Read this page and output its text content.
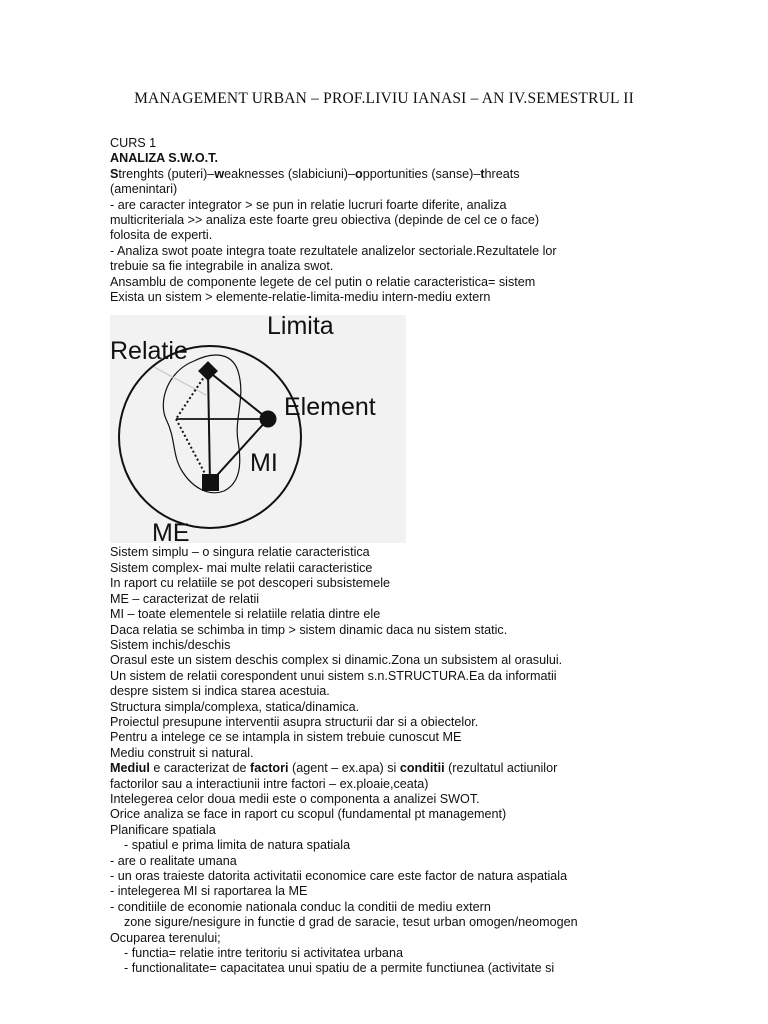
MANAGEMENT URBAN – PROF.LIVIU IANASI – AN IV.SEMESTRUL II
CURS 1
ANALIZA S.W.O.T.
Strenghts (puteri)–weaknesses (slabiciuni)–opportunities (sanse)–threats
(amenintari)
- are caracter integrator > se pun in relatie lucruri foarte diferite, analiza
multicriteriala >> analiza este foarte greu obiectiva (depinde de cel ce o face)
folosita de experti.
- Analiza swot poate integra toate rezultatele analizelor sectoriale.Rezultatele lor
trebuie sa fie integrabile in analiza swot.
Ansamblu de componente legete de cel putin o relatie caracteristica= sistem
Exista un sistem > elemente-relatie-limita-mediu intern-mediu extern
Limita
Relatie
Element
MI
ME
Sistem simplu – o singura relatie caracteristica
Sistem complex- mai multe relatii caracteristice
In raport cu relatiile se pot descoperi subsistemele
ME – caracterizat de relatii
MI – toate elementele si relatiile relatia dintre ele
Daca relatia se schimba in timp > sistem dinamic daca nu sistem static.
Sistem inchis/deschis
Orasul este un sistem deschis complex si dinamic.Zona un subsistem al orasului.
Un sistem de relatii corespondent unui sistem s.n.STRUCTURA.Ea da informatii
despre sistem si indica starea acestuia.
Structura simpla/complexa, statica/dinamica.
Proiectul presupune interventii asupra structurii dar si a obiectelor.
Pentru a intelege ce se intampla in sistem trebuie cunoscut ME
Mediu construit si natural.
Mediul e caracterizat de factori (agent – ex.apa) si conditii (rezultatul actiunilor
factorilor sau a interactiunii intre factori – ex.ploaie,ceata)
Intelegerea celor doua medii este o componenta a analizei SWOT.
Orice analiza se face in raport cu scopul (fundamental pt management)
Planificare spatiala
- spatiul e prima limita de natura spatiala
- are o realitate umana
- un oras traieste datorita activitatii economice care este factor de natura aspatiala
- intelegerea MI si raportarea la ME
- conditiile de economie nationala conduc la conditii de mediu extern
zone sigure/nesigure in functie d grad de saracie, tesut urban omogen/neomogen
Ocuparea terenului;
- functia= relatie intre teritoriu si activitatea urbana
- functionalitate= capacitatea unui spatiu de a permite functiunea (activitate si
